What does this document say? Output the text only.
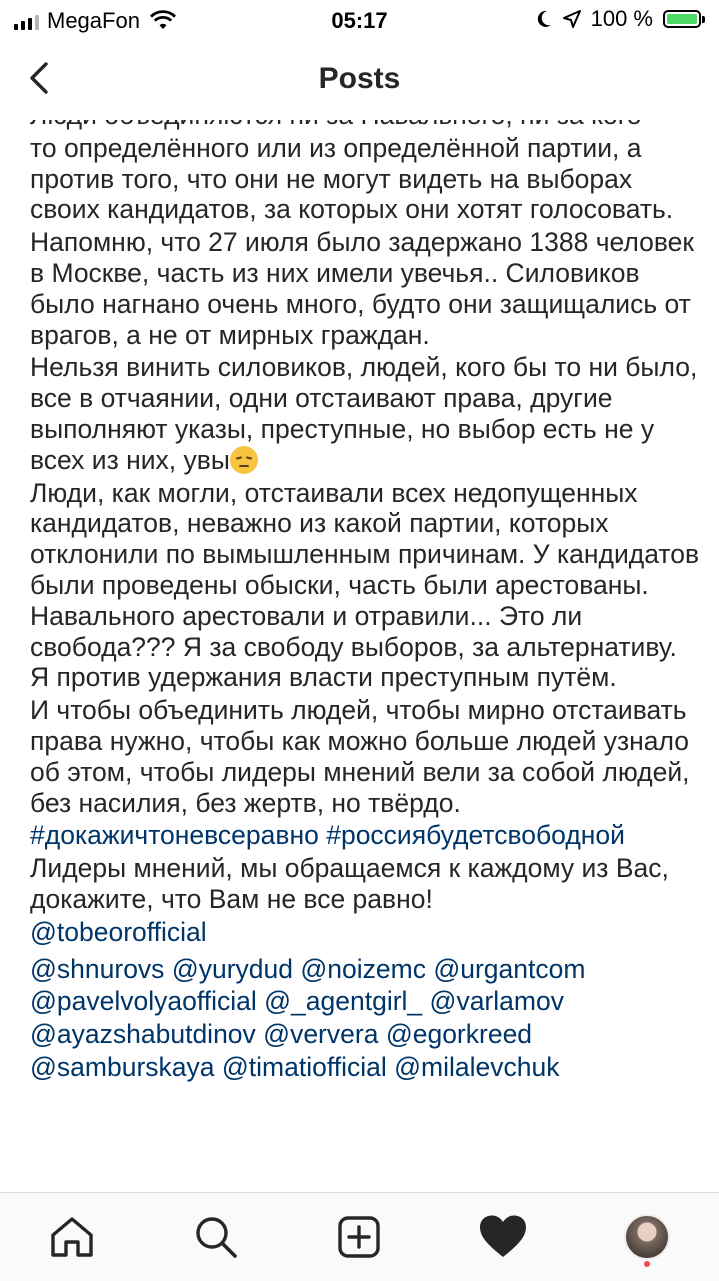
MegaFon	05:17	100 %
Posts

то определённого или из определённой партии, а против того, что они не могут видеть на выборах своих кандидатов, за которых они хотят голосовать.

Напомню, что 27 июля было задержано 1388 человек в Москве, часть из них имели увечья.. Силовиков было нагнано очень много, будто они защищались от врагов, а не от мирных граждан.

Нельзя винить силовиков, людей, кого бы то ни было, все в отчаянии, одни отстаивают права, другие выполняют указы, преступные, но выбор есть не у всех из них, увы

Люди, как могли, отстаивали всех недопущенных кандидатов, неважно из какой партии, которых отклонили по вымышленным причинам. У кандидатов были проведены обыски, часть были арестованы. Навального арестовали и отравили... Это ли свобода??? Я за свободу выборов, за альтернативу. Я против удержания власти преступным путём.

И чтобы объединить людей, чтобы мирно отстаивать права нужно, чтобы как можно больше людей узнало об этом, чтобы лидеры мнений вели за собой людей, без насилия, без жертв, но твёрдо.

#докажичтоневсеравно #россиябудетсвободной

Лидеры мнений, мы обращаемся к каждому из Вас, докажите, что Вам не все равно!

@tobeorofficial
@shnurovs @yurydud @noizemc @urgantcom
@pavelvolyaofficial @_agentgirl_ @varlamov
@ayazshabutdinov @ververa @egorkreed
@samburskaya @timatiofficial @milalevchuk
